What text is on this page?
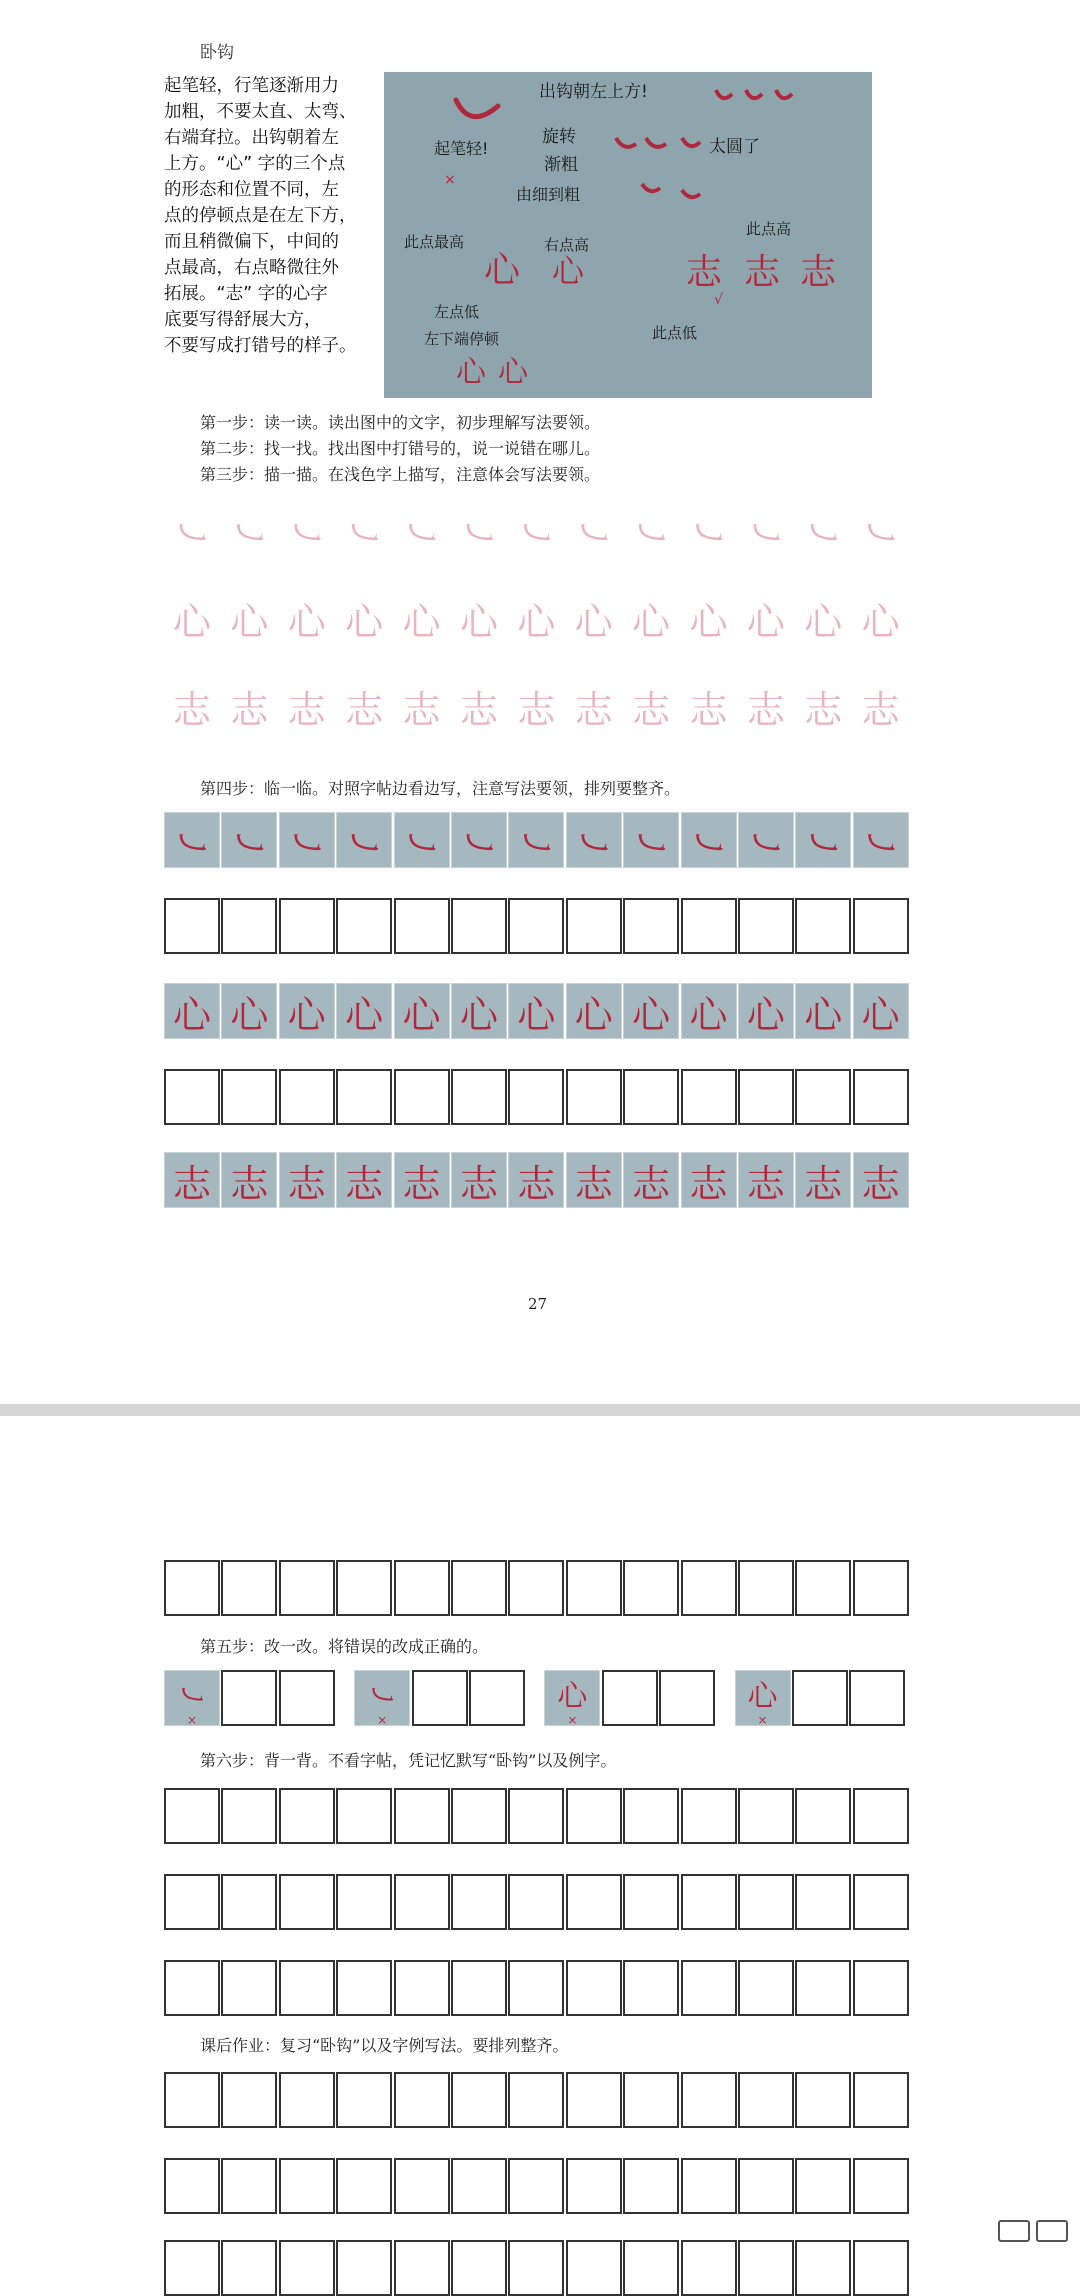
卧钩
起笔轻，行笔逐渐用力
加粗，不要太直、太弯、
右端耷拉。出钩朝着左
上方。“心” 字的三个点
的形态和位置不同，左
点的停顿点是在左下方，
而且稍微偏下，中间的
点最高，右点略微往外
拓展。“志” 字的心字
底要写得舒展大方，
不要写成打错号的样子。
出钩朝左上方!
起笔轻!
旋转
渐粗
由细到粗
太圆了
此点最高	右点高
此点高
心 心	志 志 志
左点低
左下端停顿	此点低
心 心
×
√
第一步：读一读。读出图中的文字，初步理解写法要领。
第二步：找一找。找出图中打错号的，说一说错在哪儿。
第三步：描一描。在浅色字上描写，注意体会写法要领。
㇃ ㇃ ㇃ ㇃ ㇃ ㇃ ㇃ ㇃ ㇃ ㇃ ㇃ ㇃ ㇃
心 心 心 心 心 心 心 心 心 心 心 心 心
志 志 志 志 志 志 志 志 志 志 志 志 志
第四步：临一临。对照字帖边看边写，注意写法要领，排列要整齐。
㇃ ㇃ ㇃ ㇃ ㇃ ㇃ ㇃ ㇃ ㇃ ㇃ ㇃ ㇃ ㇃
心 心 心 心 心 心 心 心 心 心 心 心 心
志 志 志 志 志 志 志 志 志 志 志 志 志
27
第五步：改一改。将错误的改成正确的。
㇃
×
㇃
×
心
×
心
×
第六步：背一背。不看字帖，凭记忆默写“卧钩”以及例字。
课后作业：复习“卧钩”以及字例写法。要排列整齐。
